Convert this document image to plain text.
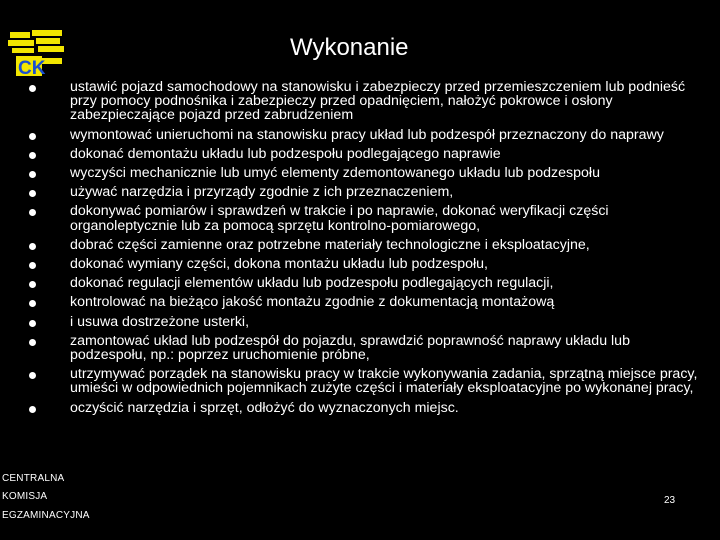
CK
Wykonanie
ustawić pojazd samochodowy na stanowisku i zabezpieczy przed przemieszczeniem lub podnieść przy pomocy podnośnika i zabezpieczy przed opadnięciem, nałożyć pokrowce i osłony zabezpieczające pojazd przed zabrudzeniem
wymontować unieruchomi na stanowisku pracy układ lub podzespół przeznaczony do naprawy
dokonać demontażu układu lub podzespołu podlegającego naprawie
wyczyści mechanicznie lub umyć elementy zdemontowanego układu lub podzespołu
używać narzędzia i przyrządy zgodnie z ich przeznaczeniem,
dokonywać pomiarów i sprawdzeń w trakcie i po naprawie, dokonać weryfikacji części organoleptycznie lub za pomocą sprzętu kontrolno-pomiarowego,
dobrać części zamienne oraz potrzebne materiały technologiczne i eksploatacyjne,
dokonać wymiany części, dokona montażu układu lub podzespołu,
dokonać regulacji elementów układu lub podzespołu podlegających regulacji,
kontrolować na bieżąco jakość montażu zgodnie z dokumentacją montażową
i usuwa dostrzeżone usterki,
zamontować układ lub podzespół do pojazdu, sprawdzić poprawność naprawy układu lub podzespołu, np.: poprzez uruchomienie próbne,
utrzymywać porządek na stanowisku pracy w trakcie wykonywania zadania, sprzątną miejsce pracy, umieści w odpowiednich pojemnikach zużyte części i materiały eksploatacyjne po wykonanej pracy,
oczyścić narzędzia i sprzęt, odłożyć do wyznaczonych miejsc.
CENTRALNA
KOMISJA
EGZAMINACYJNA
23
